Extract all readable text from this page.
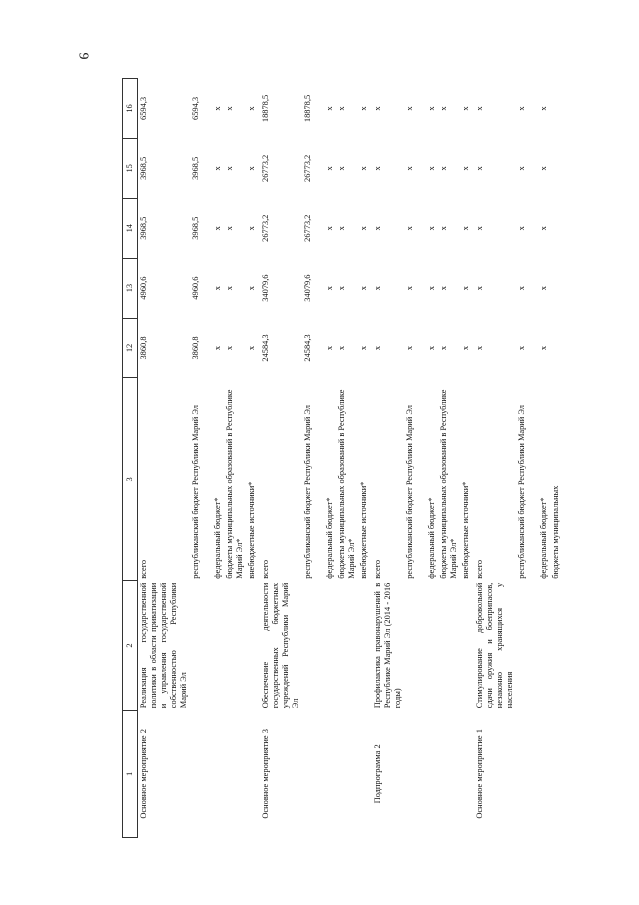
9
1	2	3	12	13	14	15	16
Основное мероприятие 2	Реализация государственной политики в области приватизации и управления государственной собственностью Республики Марий Эл	всего	3860,8	4960,6	3968,5	3968,5	6594,3
		республиканский бюджет Республики Марий Эл	3860,8	4960,6	3968,5	3968,5	6594,3
		федеральный бюджет*	х	х	х	х	х
		бюджеты муниципальных образований в Республике Марий Эл*	х	х	х	х	х
		внебюджетные источники*	х	х	х	х	х
Основное мероприятие 3	Обеспечение деятельности государственных бюджетных учреждений Республики Марий Эл	всего	24584,3	34079,6	26773,2	26773,2	18878,5
		республиканский бюджет Республики Марий Эл	24584,3	34079,6	26773,2	26773,2	18878,5
		федеральный бюджет*	х	х	х	х	х
		бюджеты муниципальных образований в Республике Марий Эл*	х	х	х	х	х
		внебюджетные источники*	х	х	х	х	х
Подпрограмма 2	Профилактика правонарушений в Республике Марий Эл (2014 - 2016 годы)	всего	х	х	х	х	х
		республиканский бюджет Республики Марий Эл	х	х	х	х	х
		федеральный бюджет*	х	х	х	х	х
		бюджеты муниципальных образований в Республике Марий Эл*	х	х	х	х	х
		внебюджетные источники*	х	х	х	х	х
Основное мероприятие 1	Стимулирование добровольной сдачи оружия и боеприпасов, незаконно хранящихся у населения	всего	х	х	х	х	х
		республиканский бюджет Республики Марий Эл	х	х	х	х	х
		федеральный бюджет*	х	х	х	х	х
		бюджеты муниципальных					
